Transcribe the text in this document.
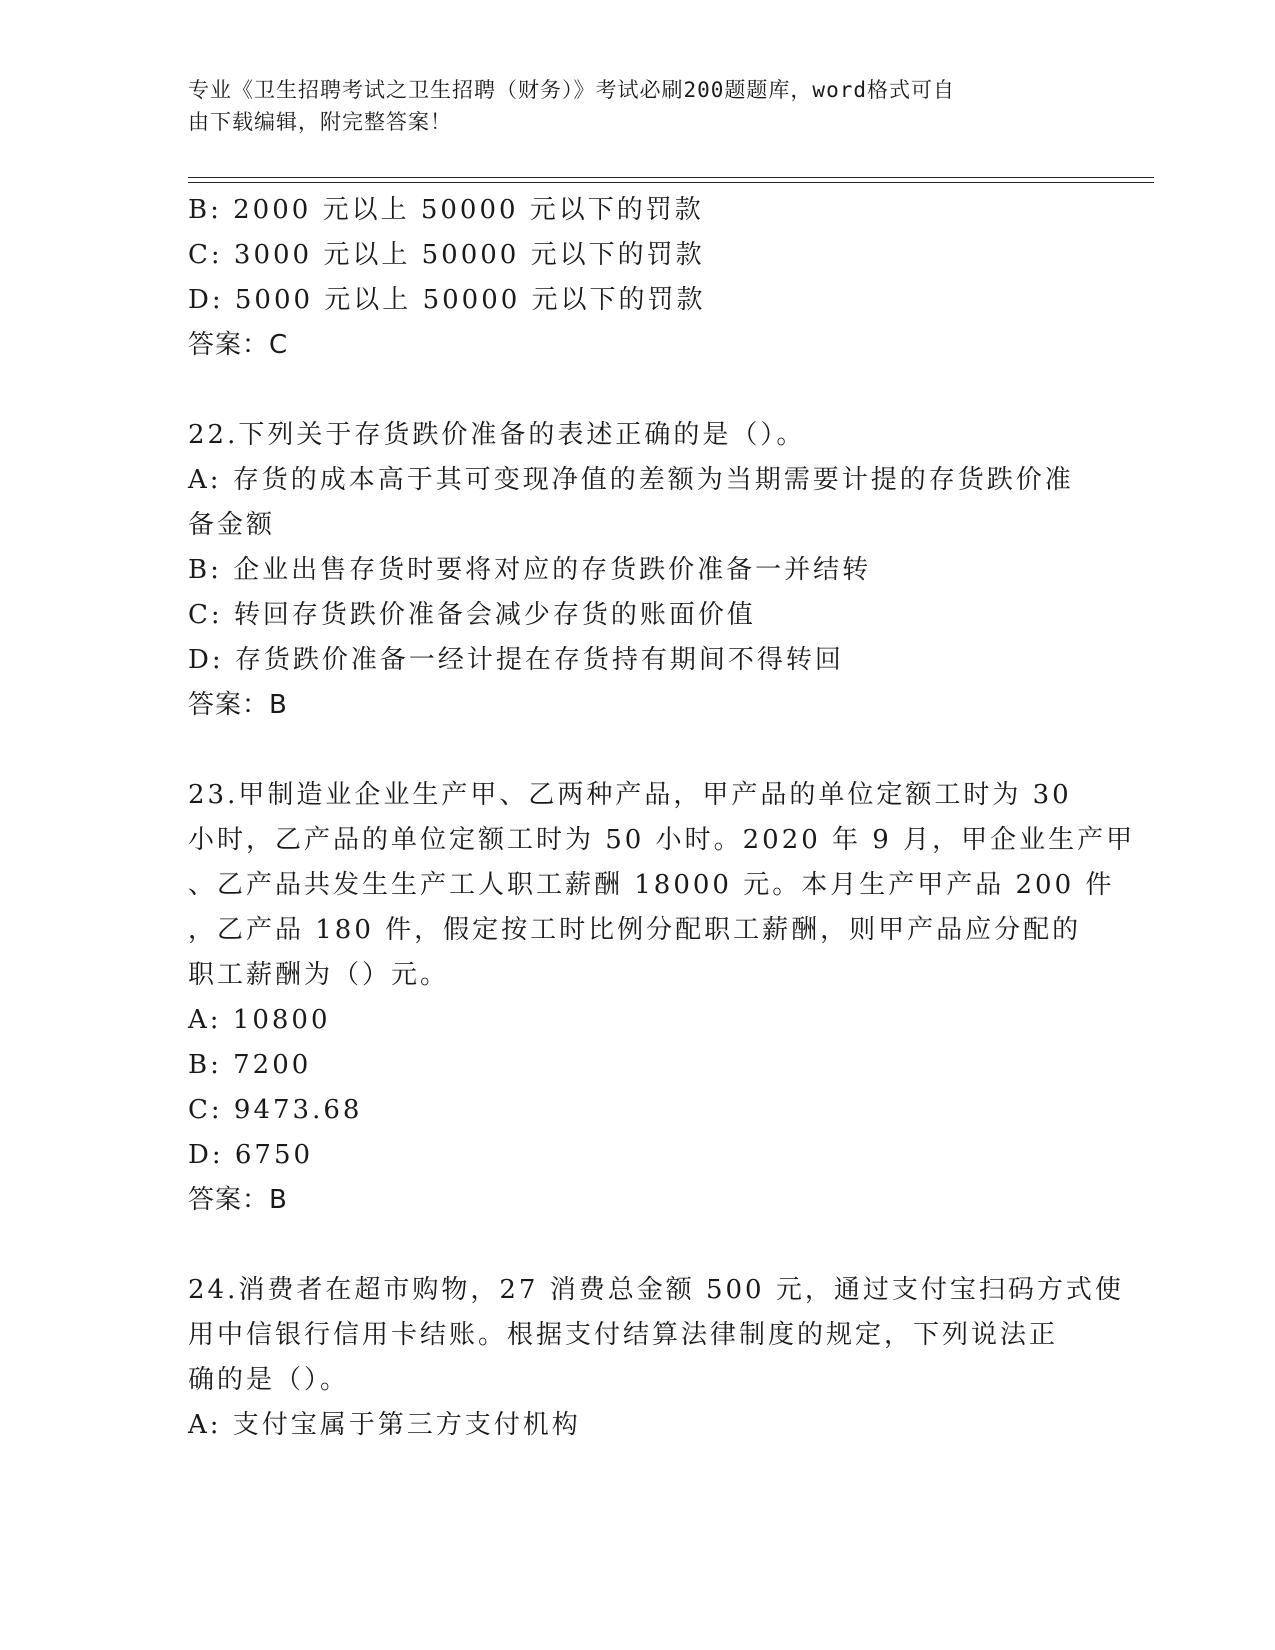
专业《卫生招聘考试之卫生招聘（财务）》考试必刷200题题库，word格式可自
由下载编辑，附完整答案！
B: 2000 元以上 50000 元以下的罚款
C: 3000 元以上 50000 元以下的罚款
D: 5000 元以上 50000 元以下的罚款
答案：C
22.下列关于存货跌价准备的表述正确的是（）。
A: 存货的成本高于其可变现净值的差额为当期需要计提的存货跌价准
备金额
B: 企业出售存货时要将对应的存货跌价准备一并结转
C: 转回存货跌价准备会减少存货的账面价值
D: 存货跌价准备一经计提在存货持有期间不得转回
答案：B
23.甲制造业企业生产甲、乙两种产品，甲产品的单位定额工时为 30
小时，乙产品的单位定额工时为 50 小时。2020 年 9 月，甲企业生产甲
、乙产品共发生生产工人职工薪酬 18000 元。本月生产甲产品 200 件
，乙产品 180 件，假定按工时比例分配职工薪酬，则甲产品应分配的
职工薪酬为（）元。
A: 10800
B: 7200
C: 9473.68
D: 6750
答案：B
24.消费者在超市购物，27 消费总金额 500 元，通过支付宝扫码方式使
用中信银行信用卡结账。根据支付结算法律制度的规定，下列说法正
确的是（）。
A: 支付宝属于第三方支付机构
